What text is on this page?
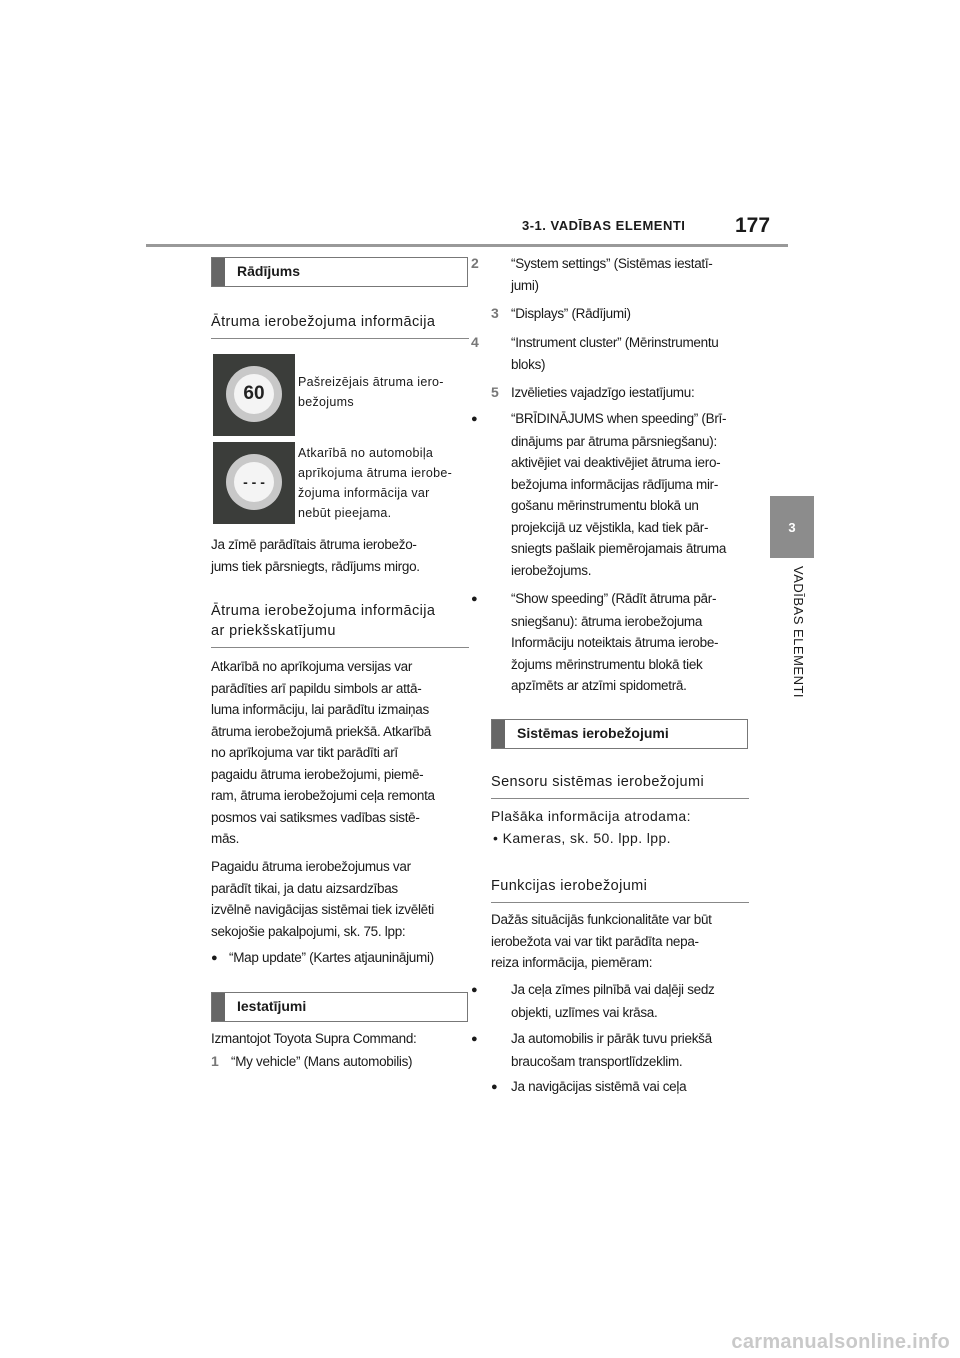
3-1. VADĪBAS ELEMENTI 177
3
VADĪBAS ELEMENTI
Rādījums
Ātruma ierobežojuma informācija
60
Pašreizējais ātruma iero-
bežojums
- - -
Atkarībā no automobiļa
aprīkojuma ātruma ierobe-
žojuma informācija var
nebūt pieejama.
Ja zīmē parādītais ātruma ierobežo-
jums tiek pārsniegts, rādījums mirgo.
Ātruma ierobežojuma informācija
ar priekšskatījumu
Atkarībā no aprīkojuma versijas var
parādīties arī papildu simbols ar attā-
luma informāciju, lai parādītu izmaiņas
ātruma ierobežojumā priekšā. Atkarībā
no aprīkojuma var tikt parādīti arī
pagaidu ātruma ierobežojumi, piemē-
ram, ātruma ierobežojumi ceļa remonta
posmos vai satiksmes vadības sistē-
mās.
Pagaidu ātruma ierobežojumus var
parādīt tikai, ja datu aizsardzības
izvēlnē navigācijas sistēmai tiek izvēlēti
sekojošie pakalpojumi, sk. 75. lpp:
● “Map update” (Kartes atjauninājumi)
Iestatījumi
Izmantojot Toyota Supra Command:
1 “My vehicle” (Mans automobilis)
2 “System settings” (Sistēmas iestatī-
jumi)
3 “Displays” (Rādījumi)
4 “Instrument cluster” (Mērinstrumentu
bloks)
5 Izvēlieties vajadzīgo iestatījumu:
● “BRĪDINĀJUMS when speeding” (Brī-
dinājums par ātruma pārsniegšanu):
aktivējiet vai deaktivējiet ātruma iero-
bežojuma informācijas rādījuma mir-
gošanu mērinstrumentu blokā un
projekcijā uz vējstikla, kad tiek pār-
sniegts pašlaik piemērojamais ātruma
ierobežojums.
● “Show speeding” (Rādīt ātruma pār-
sniegšanu): ātruma ierobežojuma
Informāciju noteiktais ātruma ierobe-
žojums mērinstrumentu blokā tiek
apzīmēts ar atzīmi spidometrā.
Sistēmas ierobežojumi
Sensoru sistēmas ierobežojumi
Plašāka informācija atrodama:
• Kameras, sk. 50. lpp. lpp.
Funkcijas ierobežojumi
Dažās situācijās funkcionalitāte var būt
ierobežota vai var tikt parādīta nepa-
reiza informācija, piemēram:
● Ja ceļa zīmes pilnībā vai daļēji sedz
objekti, uzlīmes vai krāsa.
● Ja automobilis ir pārāk tuvu priekšā
braucošam transportlīdzeklim.
● Ja navigācijas sistēmā vai ceļa
carmanualsonline.info
